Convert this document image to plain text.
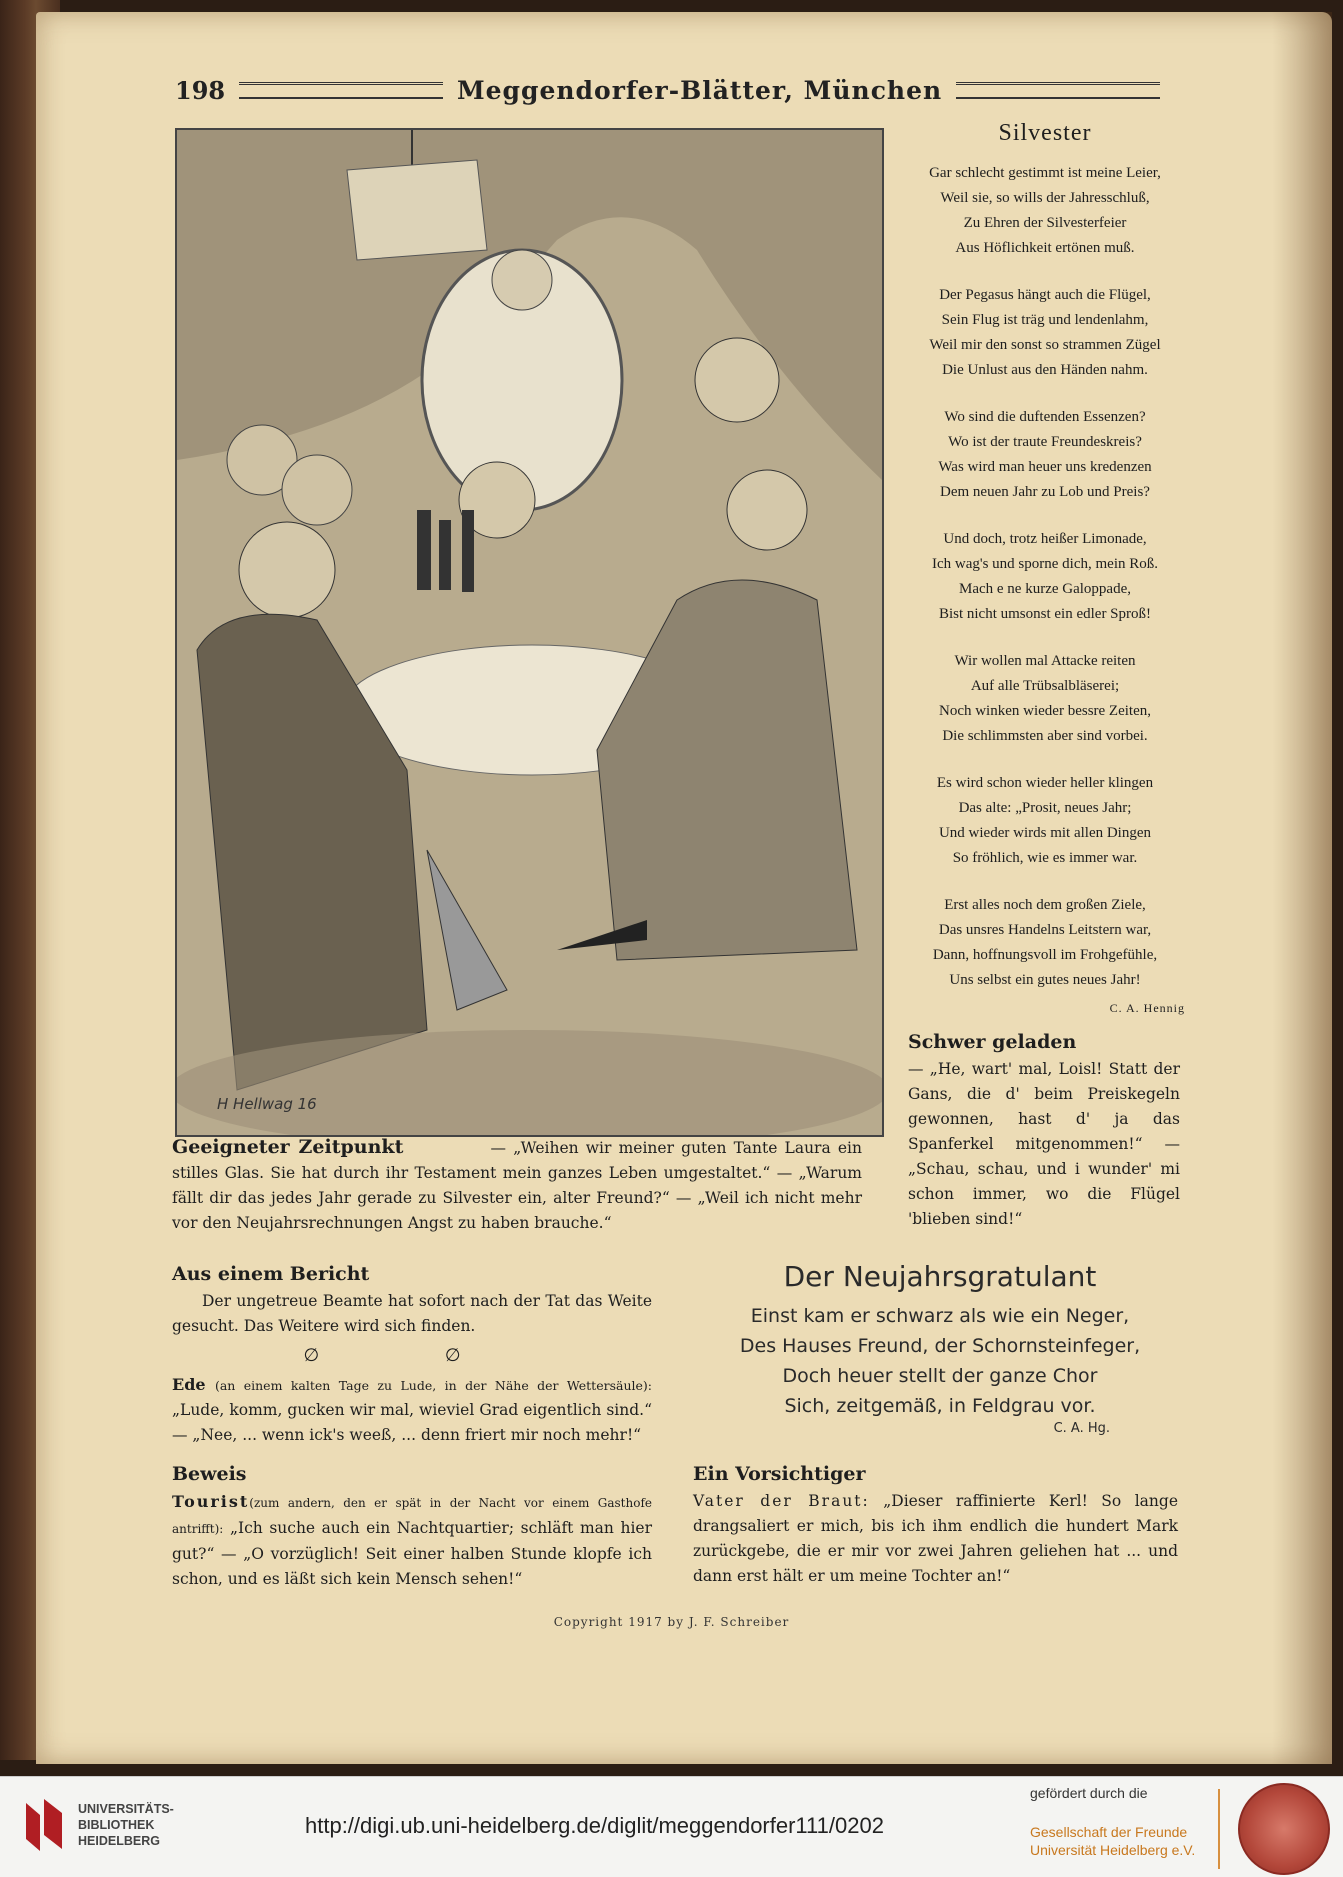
198	Meggendorfer-Blätter, München
H Hellwag 16
Silvester
Gar schlecht gestimmt ist meine Leier,
Weil sie, so wills der Jahresschluß,
Zu Ehren der Silvesterfeier
Aus Höflichkeit ertönen muß.
Der Pegasus hängt auch die Flügel,
Sein Flug ist träg und lendenlahm,
Weil mir den sonst so strammen Zügel
Die Unlust aus den Händen nahm.
Wo sind die duftenden Essenzen?
Wo ist der traute Freundeskreis?
Was wird man heuer uns kredenzen
Dem neuen Jahr zu Lob und Preis?
Und doch, trotz heißer Limonade,
Ich wag's und sporne dich, mein Roß.
Mach e ne kurze Galoppade,
Bist nicht umsonst ein edler Sproß!
Wir wollen mal Attacke reiten
Auf alle Trübsalbläserei;
Noch winken wieder bessre Zeiten,
Die schlimmsten aber sind vorbei.
Es wird schon wieder heller klingen
Das alte: „Prosit, neues Jahr;
Und wieder wirds mit allen Dingen
So fröhlich, wie es immer war.
Erst alles noch dem großen Ziele,
Das unsres Handelns Leitstern war,
Dann, hoffnungsvoll im Frohgefühle,
Uns selbst ein gutes neues Jahr!
C. A. Hennig
Schwer geladen
— „He, wart' mal, Loisl! Statt der Gans, die d' beim Preiskegeln gewonnen, hast d' ja das Spanferkel mitgenommen!“ — „Schau, schau, und i wunder' mi schon immer, wo die Flügel 'blieben sind!“
Geeigneter Zeitpunkt	— „Weihen wir meiner guten Tante Laura ein stilles Glas. Sie hat durch ihr Testament mein ganzes Leben umgestaltet.“ — „Warum fällt dir das jedes Jahr gerade zu Silvester ein, alter Freund?“ — „Weil ich nicht mehr vor den Neujahrsrechnungen Angst zu haben brauche.“
Aus einem Bericht
Der ungetreue Beamte hat sofort nach der Tat das Weite gesucht. Das Weitere wird sich finden.
∅ ∅
Ede (an einem kalten Tage zu Lude, in der Nähe der Wettersäule): „Lude, komm, gucken wir mal, wieviel Grad eigentlich sind.“ — „Nee, ... wenn ick's weeß, ... denn friert mir noch mehr!“
Der Neujahrsgratulant
Einst kam er schwarz als wie ein Neger,
Des Hauses Freund, der Schornsteinfeger,
Doch heuer stellt der ganze Chor
Sich, zeitgemäß, in Feldgrau vor.
C. A. Hg.
Beweis
Tourist(zum andern, den er spät in der Nacht vor einem Gasthofe antrifft): „Ich suche auch ein Nachtquartier; schläft man hier gut?“ — „O vorzüglich! Seit einer halben Stunde klopfe ich schon, und es läßt sich kein Mensch sehen!“
Ein Vorsichtiger
Vater der Braut: „Dieser raffinierte Kerl! So lange drangsaliert er mich, bis ich ihm endlich die hundert Mark zurückgebe, die er mir vor zwei Jahren geliehen hat ... und dann erst hält er um meine Tochter an!“
Copyright 1917 by J. F. Schreiber
UNIVERSITÄTS-
BIBLIOTHEK
HEIDELBERG
http://digi.ub.uni-heidelberg.de/diglit/meggendorfer111/0202
gefördert durch die
Gesellschaft der Freunde
Universität Heidelberg e.V.
